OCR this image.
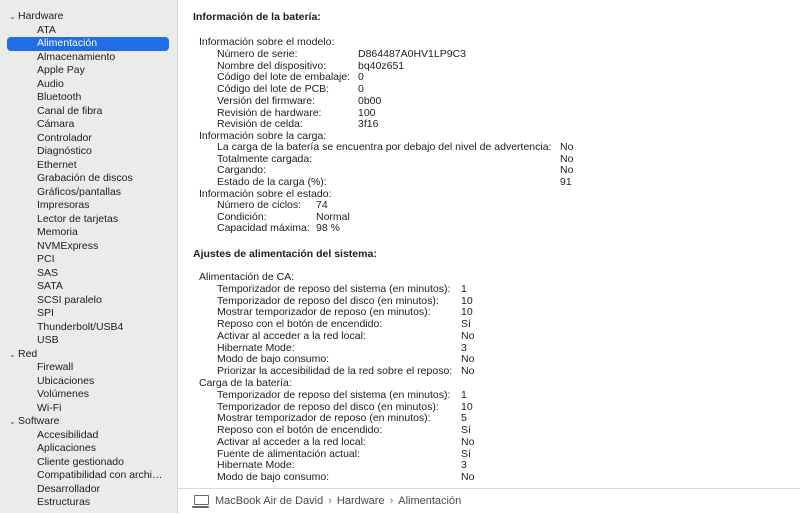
⌄ Hardware
ATA
Alimentación
Almacenamiento
Apple Pay
Audio
Bluetooth
Canal de fibra
Cámara
Controlador
Diagnóstico
Ethernet
Grabación de discos
Gráficos/pantallas
Impresoras
Lector de tarjetas
Memoria
NVMExpress
PCI
SAS
SATA
SCSI paralelo
SPI
Thunderbolt/USB4
USB
⌄ Red
Firewall
Ubicaciones
Volúmenes
Wi-Fi
⌄ Software
Accesibilidad
Aplicaciones
Cliente gestionado
Compatibilidad con archi…
Desarrollador
Estructuras
Información de la batería:
Información sobre el modelo:
Número de serie:	D864487A0HV1LP9C3
Nombre del dispositivo:	bq40z651
Código del lote de embalaje: 0
Código del lote de PCB:	0
Versión del firmware:	0b00
Revisión de hardware:	100
Revisión de celda:	3f16
Información sobre la carga:
La carga de la batería se encuentra por debajo del nivel de advertencia: No
Totalmente cargada:	No
Cargando:	No
Estado de la carga (%):	91
Información sobre el estado:
Número de ciclos: 74
Condición:	Normal
Capacidad máxima: 98 %
Ajustes de alimentación del sistema:
Alimentación de CA:
Temporizador de reposo del sistema (en minutos): 1
Temporizador de reposo del disco (en minutos): 10
Mostrar temporizador de reposo (en minutos):	10
Reposo con el botón de encendido:	Sí
Activar al acceder a la red local:	No
Hibernate Mode:	3
Modo de bajo consumo:	No
Priorizar la accesibilidad de la red sobre el reposo: No
Carga de la batería:
Temporizador de reposo del sistema (en minutos): 1
Temporizador de reposo del disco (en minutos): 10
Mostrar temporizador de reposo (en minutos):	5
Reposo con el botón de encendido:	Sí
Activar al acceder a la red local:	No
Fuente de alimentación actual:	Sí
Hibernate Mode:	3
Modo de bajo consumo:	No
MacBook Air de David › Hardware › Alimentación
